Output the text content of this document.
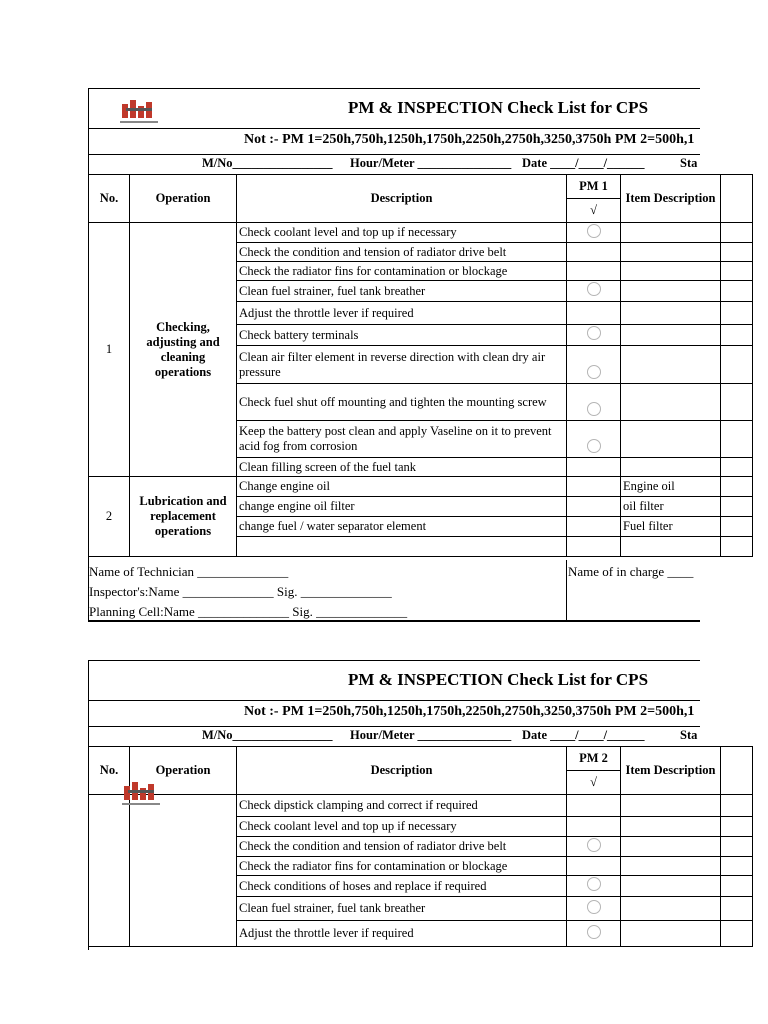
PM & INSPECTION Check List for CPS
Not :- PM 1=250h,750h,1250h,1750h,2250h,2750h,3250,3750h PM 2=500h,1
M/No________________ Hour/Meter _______________ Date ____/____/______	Sta
No.	Operation	Description	PM 1	Item Description	
			√		
1	Checking, adjusting and cleaning operations	Check coolant level and top up if necessary			
		Check the condition and tension of radiator drive belt			
		Check the radiator fins for contamination or blockage			
		Clean fuel strainer, fuel tank breather			
		Adjust the throttle lever if required			
		Check battery terminals			
		Clean air filter element in reverse direction with clean dry air pressure			
		Check fuel shut off mounting and tighten the mounting screw			
		Keep the battery post clean and apply Vaseline on it to prevent acid fog from corrosion			
		Clean filling screen of the fuel tank			
2	Lubrication and replacement operations	Change engine oil		Engine oil	
		change engine oil filter		oil filter	
		change fuel / water separator element		Fuel filter	

Name of Technician ______________
Inspector's:Name ______________ Sig. ______________
Planning Cell:Name ______________ Sig. ______________
Name of in charge ____
PM & INSPECTION Check List for CPS
Not :- PM 1=250h,750h,1250h,1750h,2250h,2750h,3250,3750h PM 2=500h,1
M/No________________ Hour/Meter _______________ Date ____/____/______	Sta
No.	Operation	Description	PM 2	Item Description	
			√		
		Check dipstick clamping and correct if required			
		Check coolant level and top up if necessary			
		Check the condition and tension of radiator drive belt			
		Check the radiator fins for contamination or blockage			
		Check conditions of hoses and replace if required			
		Clean fuel strainer, fuel tank breather			
		Adjust the throttle lever if required			
